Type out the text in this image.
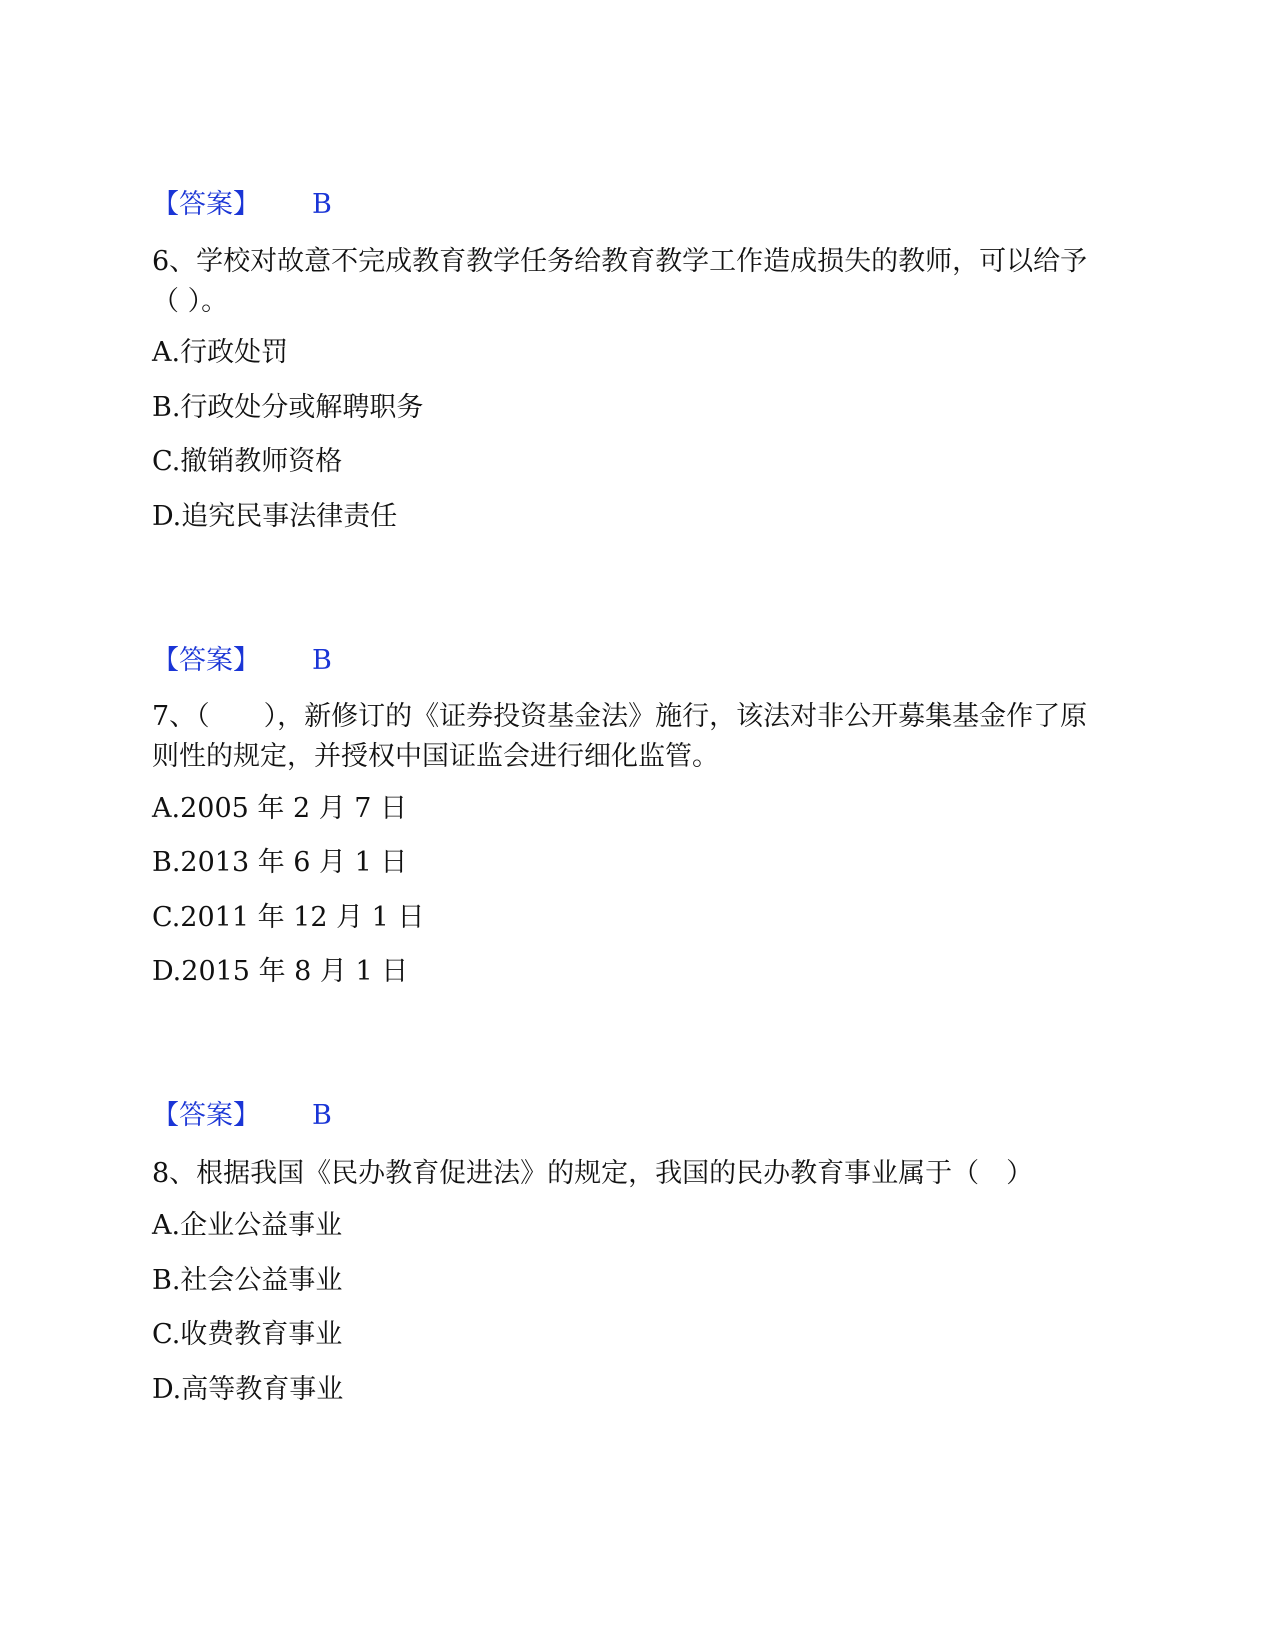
【答案】 B
6、学校对故意不完成教育教学任务给教育教学工作造成损失的教师，可以给予（ ）。
A.行政处罚
B.行政处分或解聘职务
C.撤销教师资格
D.追究民事法律责任
【答案】 B
7、（　　），新修订的《证券投资基金法》施行，该法对非公开募集基金作了原则性的规定，并授权中国证监会进行细化监管。
A.2005 年 2 月 7 日
B.2013 年 6 月 1 日
C.2011 年 12 月 1 日
D.2015 年 8 月 1 日
【答案】 B
8、根据我国《民办教育促进法》的规定，我国的民办教育事业属于（　）
A.企业公益事业
B.社会公益事业
C.收费教育事业
D.高等教育事业
